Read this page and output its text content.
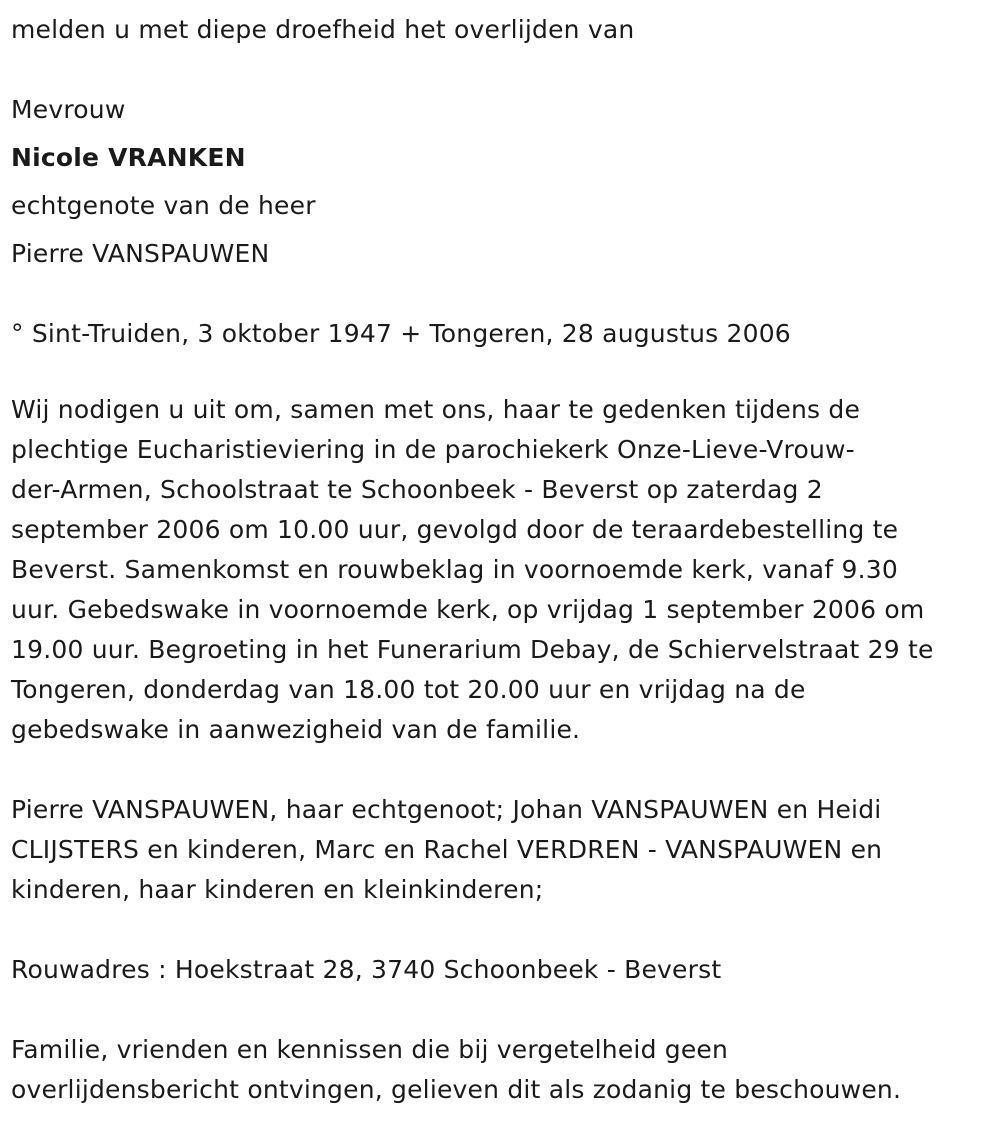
melden u met diepe droefheid het overlijden van

Mevrouw

Nicole VRANKEN

echtgenote van de heer

Pierre VANSPAUWEN

° Sint-Truiden, 3 oktober 1947 + Tongeren, 28 augustus 2006

Wij nodigen u uit om, samen met ons, haar te gedenken tijdens de
plechtige Eucharistieviering in de parochiekerk Onze-Lieve-Vrouw-
der-Armen, Schoolstraat te Schoonbeek - Beverst op zaterdag 2
september 2006 om 10.00 uur, gevolgd door de teraardebestelling te
Beverst. Samenkomst en rouwbeklag in voornoemde kerk, vanaf 9.30
uur. Gebedswake in voornoemde kerk, op vrijdag 1 september 2006 om
19.00 uur. Begroeting in het Funerarium Debay, de Schiervelstraat 29 te
Tongeren, donderdag van 18.00 tot 20.00 uur en vrijdag na de
gebedswake in aanwezigheid van de familie.
Pierre VANSPAUWEN, haar echtgenoot; Johan VANSPAUWEN en Heidi
CLIJSTERS en kinderen, Marc en Rachel VERDREN - VANSPAUWEN en
kinderen, haar kinderen en kleinkinderen;
Rouwadres : Hoekstraat 28, 3740 Schoonbeek - Beverst
Familie, vrienden en kennissen die bij vergetelheid geen
overlijdensbericht ontvingen, gelieven dit als zodanig te beschouwen.
